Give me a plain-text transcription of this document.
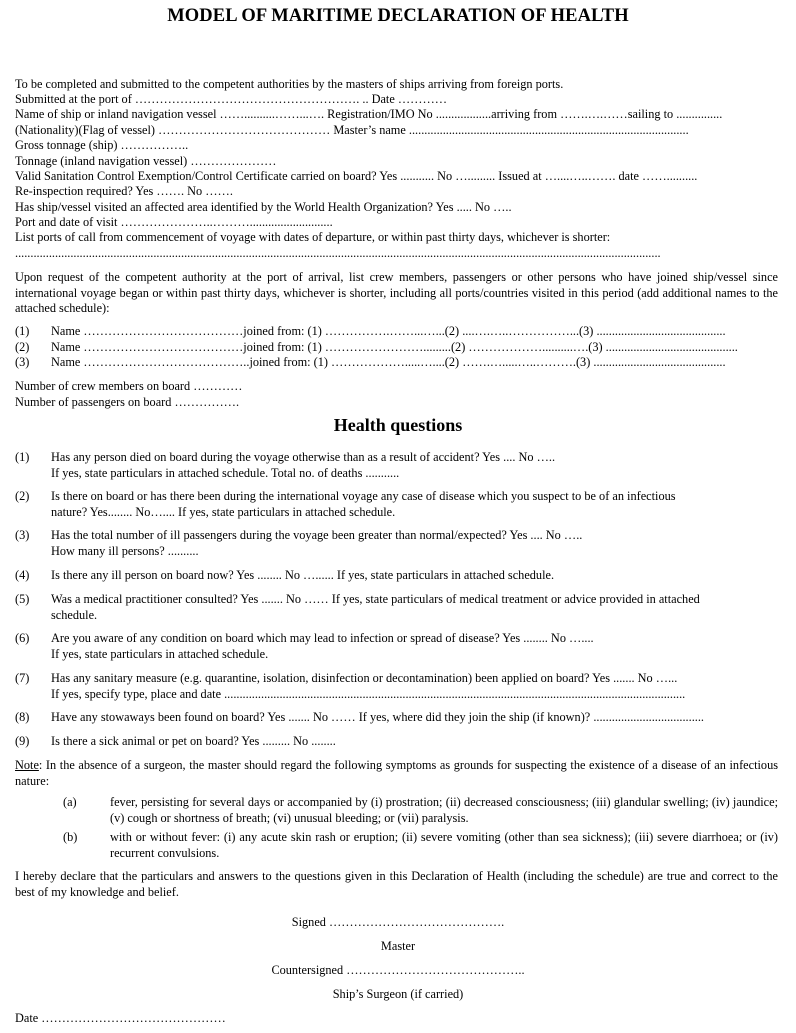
MODEL OF MARITIME DECLARATION OF HEALTH
To be completed and submitted to the competent authorities by the masters of ships arriving from foreign ports.
Submitted at the port of ………………………………………………. .. Date …………
Name of ship or inland navigation vessel ……..........……...…. Registration/IMO No ..................arriving from …….….……sailing to ...............
(Nationality)(Flag of vessel) …………………………………… Master’s name ...........................................................................................
Gross tonnage (ship) ……………..
Tonnage (inland navigation vessel) …………………
Valid Sanitation Control Exemption/Control Certificate carried on board? Yes ........... No …......... Issued at …....…..……. date ……..........
Re-inspection required? Yes ……. No …….
Has ship/vessel visited an affected area identified by the World Health Organization? Yes ..... No …..
Port and date of visit …………………..………...........................
List ports of call from commencement of voyage with dates of departure, or within past thirty days, whichever is shorter:
..................................................................................................................................................................................................................
Upon request of the competent authority at the port of arrival, list crew members, passengers or other persons who have joined ship/vessel since international voyage began or within past thirty days, whichever is shorter, including all ports/countries visited in this period (add additional names to the attached schedule):
(1) Name …………………………………joined from: (1) …………….……...…...(2) ....….…..……………...(3) ..........................................
(2) Name …………………………………joined from: (1) …………………….........(2) ………………..........….(3) ...........................................
(3) Name …………………………………..joined from: (1) ……………….....…....(2) …….….....…..……….(3) ...........................................
Number of crew members on board …………
Number of passengers on board …………….
Health questions
(1) Has any person died on board during the voyage otherwise than as a result of accident? Yes .... No …..
If yes, state particulars in attached schedule. Total no. of deaths ...........
(2) Is there on board or has there been during the international voyage any case of disease which you suspect to be of an infectious
nature? Yes........ No….... If yes, state particulars in attached schedule.
(3) Has the total number of ill passengers during the voyage been greater than normal/expected? Yes .... No …..
How many ill persons? ..........
(4) Is there any ill person on board now? Yes ........ No …...... If yes, state particulars in attached schedule.
(5) Was a medical practitioner consulted? Yes ....... No …… If yes, state particulars of medical treatment or advice provided in attached
schedule.
(6) Are you aware of any condition on board which may lead to infection or spread of disease? Yes ........ No …....
If yes, state particulars in attached schedule.
(7) Has any sanitary measure (e.g. quarantine, isolation, disinfection or decontamination) been applied on board? Yes ....... No …...
If yes, specify type, place and date ......................................................................................................................................................
(8) Have any stowaways been found on board? Yes ....... No …… If yes, where did they join the ship (if known)? ....................................
(9) Is there a sick animal or pet on board? Yes ......... No ........
Note: In the absence of a surgeon, the master should regard the following symptoms as grounds for suspecting the existence of a disease of an infectious nature:
(a)	fever, persisting for several days or accompanied by (i) prostration; (ii) decreased consciousness; (iii) glandular swelling; (iv) jaundice; (v) cough or shortness of breath; (vi) unusual bleeding; or (vii) paralysis.
(b)	with or without fever: (i) any acute skin rash or eruption; (ii) severe vomiting (other than sea sickness); (iii) severe diarrhoea; or (iv) recurrent convulsions.
I hereby declare that the particulars and answers to the questions given in this Declaration of Health (including the schedule) are true and correct to the best of my knowledge and belief.
Signed …………………………………….
Master
Countersigned ……………………………………..
Ship’s Surgeon (if carried)
Date ………………………………………
